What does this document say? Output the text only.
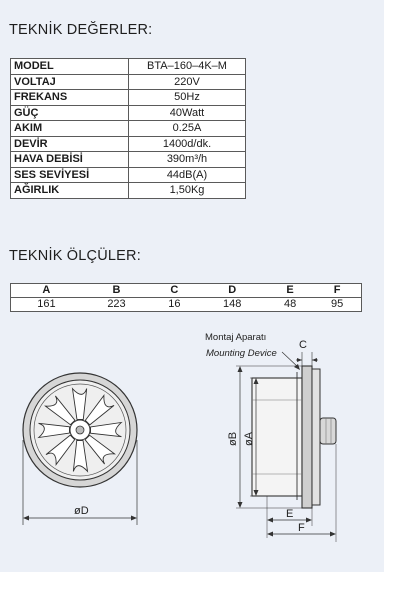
TEKNİK DEĞERLER:
MODEL	BTA–160–4K–M
VOLTAJ	220V
FREKANS	50Hz
GÜÇ	40Watt
AKIM	0.25A
DEVİR	1400d/dk.
HAVA DEBİSİ	390m³/h
SES SEVİYESİ	44dB(A)
AĞIRLIK	1,50Kg
TEKNİK ÖLÇÜLER:
A	B	C	D	E	F
161	223	16	148	48	95
øD
Montaj Aparatı
Mounting Device
C
øB øA
E
F
